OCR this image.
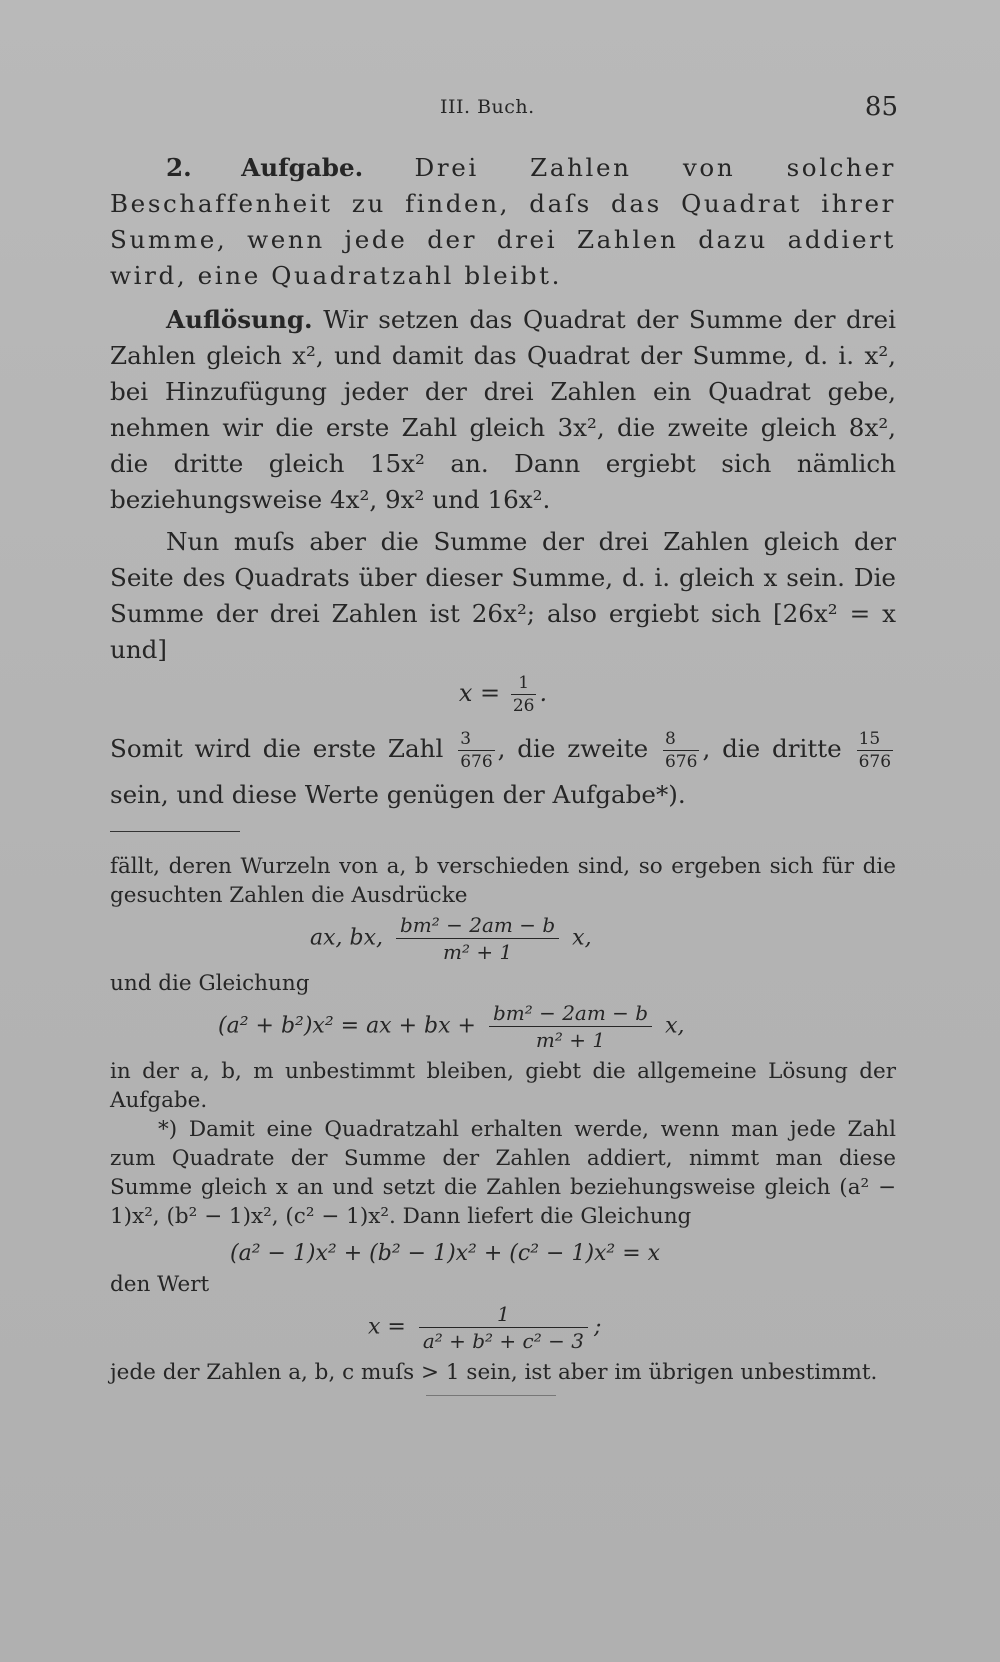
III. Buch.	85

2. Aufgabe. Drei Zahlen von solcher Beschaffenheit zu finden, daſs das Quadrat ihrer Summe, wenn jede der drei Zahlen dazu addiert wird, eine Quadratzahl bleibt.

Auflösung. Wir setzen das Quadrat der Summe der drei Zahlen gleich x², und damit das Quadrat der Summe, d. i. x², bei Hinzufügung jeder der drei Zahlen ein Quadrat gebe, nehmen wir die erste Zahl gleich 3x², die zweite gleich 8x², die dritte gleich 15x² an. Dann ergiebt sich nämlich beziehungsweise 4x², 9x² und 16x².

Nun muſs aber die Summe der drei Zahlen gleich der Seite des Quadrats über dieser Summe, d. i. gleich x sein. Die Summe der drei Zahlen ist 26x²; also ergiebt sich [26x² = x und]

$x = \frac{1}{26}$ .
Somit wird die erste Zahl $\frac{3}{676}$ , die zweite $\frac{8}{676}$ , die dritte $\frac{15}{676}$

sein, und diese Werte genügen der Aufgabe*).

fällt, deren Wurzeln von a, b verschieden sind, so ergeben sich für die gesuchten Zahlen die Ausdrücke

ax, bx, $\frac{\text{bm² − 2am − b}}{\text{m² + 1}} x$,

und die Gleichung

(a² + b²)x² = ax + bx + $\frac{\text{bm² − 2am − b}}{\text{m² + 1}} x$,

in der a, b, m unbestimmt bleiben, giebt die allgemeine Lösung der Aufgabe.

*) Damit eine Quadratzahl erhalten werde, wenn man jede Zahl zum Quadrate der Summe der Zahlen addiert, nimmt man diese Summe gleich x an und setzt die Zahlen beziehungsweise gleich (a² − 1)x², (b² − 1)x², (c² − 1)x². Dann liefert die Gleichung

(a² − 1)x² + (b² − 1)x² + (c² − 1)x² = x

den Wert

$x = \frac{1}{\text{a² + b² + c² − 3}}$ ;

jede der Zahlen a, b, c muſs > 1 sein, ist aber im übrigen unbestimmt.
